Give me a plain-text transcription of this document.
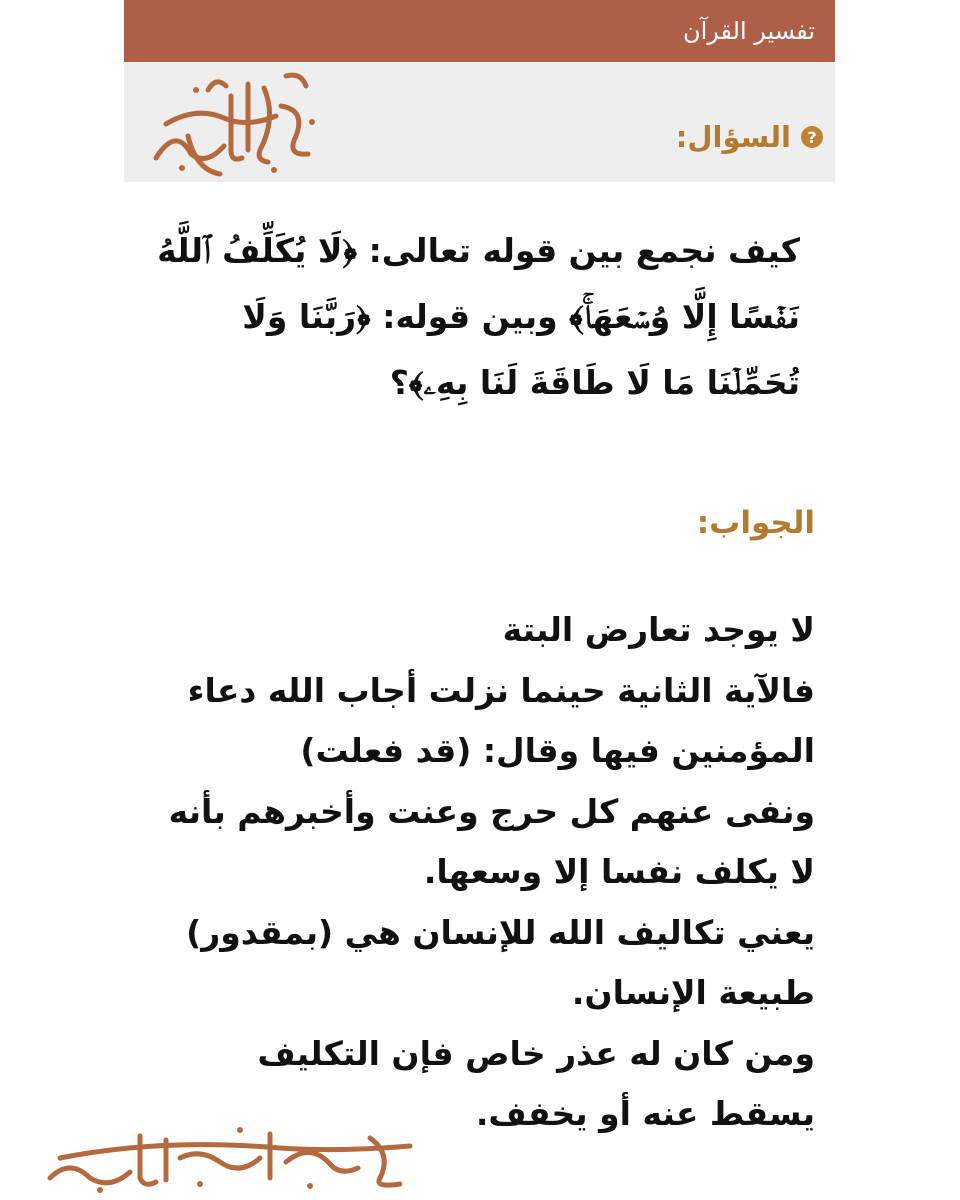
تفسير القرآن
?
السؤال:

كيف نجمع بين قوله تعالى: ﴿لَا يُكَلِّفُ ٱللَّهُ نَفۡسًا إِلَّا وُسۡعَهَاۚ﴾ وبين قوله: ﴿رَبَّنَا وَلَا تُحَمِّلۡنَا مَا لَا طَاقَةَ لَنَا بِهِۦ﴾؟

الجواب:
لا يوجد تعارض البتة
فالآية الثانية حينما نزلت أجاب الله دعاء
المؤمنين فيها وقال: (قد فعلت)
ونفى عنهم كل حرج وعنت وأخبرهم بأنه
لا يكلف نفسا إلا وسعها.
يعني تكاليف الله للإنسان هي (بمقدور)
طبيعة الإنسان.
ومن كان له عذر خاص فإن التكليف
يسقط عنه أو يخفف.
